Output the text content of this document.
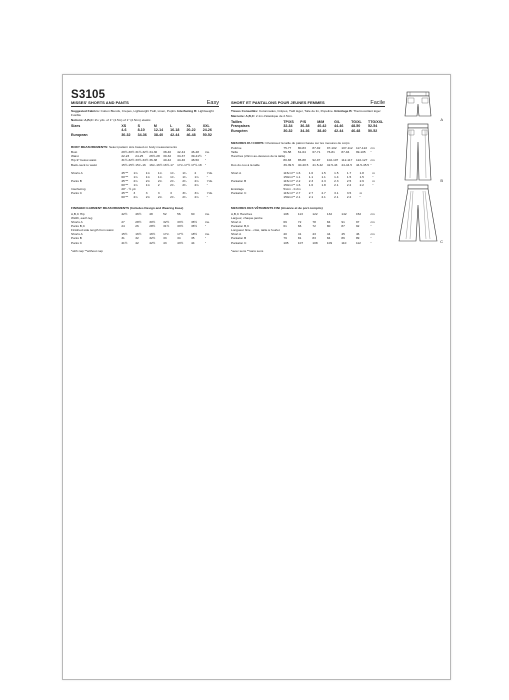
S3105
MISSES' SHORTS AND PANTS	Easy

Suggested Fabrics: Cotton Blends, Crepes, Lightweight Twill, Linen, Poplin. Interfacing B: Lightweight Fusible

Notions: A,B,C: 2¼ yds. of 1" (2.5m) of 1" (2.5cm) elastic.

Sizes	XS	S	M	L	XL	XXL
	4-6	8-10	12-14	16-18	20-22	24-26
European	30-32	34-36	38-40	42-44	46-48	50-52

BODY MEASUREMENTS: Select pattern size based on body measurements

Bust	29½-30½	31½-32½	34-36	38-40	42-44	46-48	ins.
Waist	22-23	24-25	26½-28	30-32	34-37	39-41½	"
Hip-9" below waist	31½-32½	33½-34½	36-38	40-42	44-46	48-50	"
Back-neck to waist	15½-15½	15¾-16	16¼-16½	16½-17	17¼-17½	17½-18	"
Shorts A	45"**	1¾	1¾	1¾	1¾	1¾	2	Yds.
	60"**	1¾	1¾	1¾	1¾	1¾	1¾	"
Pants B	45"**	2¾	2¾	2¾	2¾	2¾	2¾	Yds.
	60"**	1¾	1¾	2	2¾	2¾	2¾	"
Interfacing	20" - ½ yd.							
Pants C	45"**	3	3	3	3	3¾	3¾	Yds.
	60"**	2¾	2¾	2¾	2¾	2¾	2¾	"

FINISHED GARMENT MEASUREMENTS (Includes Design and Wearing Ease)

A,B,C Hip	42½	46½	48	52	56	60	ins.
Width, each leg							
Shorts A	27	28½	30½	32½	33½	36½	ins.
Pants B,C	24	26	28½	31½	33½	36½	"
Finished side length from waist							
Shorts A	15½	16½	16½	17¼	17½	18½	ins.
Pants B	31	32	32½	33	34	35	"
Pants C	41½	42	42½	43	43½	44	"

*with nap **without nap

SHORT ET PANTALONS POUR JEUNES FEMMES	Facile

Tissus Conseillés: Cotonnades, Crêpes, Twill léger, Toile de lin, Popeline. Entoilage B: Thermocollant léger

Mercerie: A,B,C: 2.1m d'élastique de 2.5cm.

Tailles	TP/XS	P/S	M/M	G/L	TG/XL	TTG/XXL
Françaises	32-34	36-38	40-42	44-46	48-50	52-54
Européen	30-32	34-36	38-40	42-44	46-48	50-52

MESURES DU CORPS: Choisissez la taille du patron basée sur les mesures de corps

Poitrine	75-77	80-83	87-92	97-102	107-112	117-122	cm
Taille	56-58	61-64	67-71	76-81	87-94	99-105	"
Hanches (23cm au-dessous de la taille)							
	80-83	85-88	92-97	102-107	112-117	122-127	cm
Dos du cou à la taille	39-39.5	40-40.5	41.5-42	42.5-43	44-44.5	44.5-45.5	"
Short A	115cm**	1.6	1.6	1.5	1.5	1.7	1.8	m
	150cm**	1.1	1.1	1.1	1.4	1.5	1.5	"
Pantalon B	115cm**	2.2	2.3	2.3	2.3	2.5	2.9	m
	150cm**	1.6	1.6	1.8	2.1	2.2	2.2	"
Entoilage	51cm - 0.2m							
Pantalon C	115cm**	2.7	2.7	2.7	3.1	3.5	m	
	150cm**	2.1	2.1	2.1	2.1	2.2	"	

MESURES DES VÊTEMENTS FINI (Aisance et de port compris)

A,B,C Hanches	108	113	122	132	142	152	cm
Largeur, chaque jambe							
Short A	69	72	78	84	91	97	cm
Pantalon B,C	61	66	72	80	87	92	"
Longueur finie - côté, taille à l'ourlet							
Short A	40	41	43	44	45	46	cm
Pantalon B	79	81	83	84	86	89	"
Pantalon C	105	107	108	109	110	112	"

*avec sens **sans sens

A
B
C
